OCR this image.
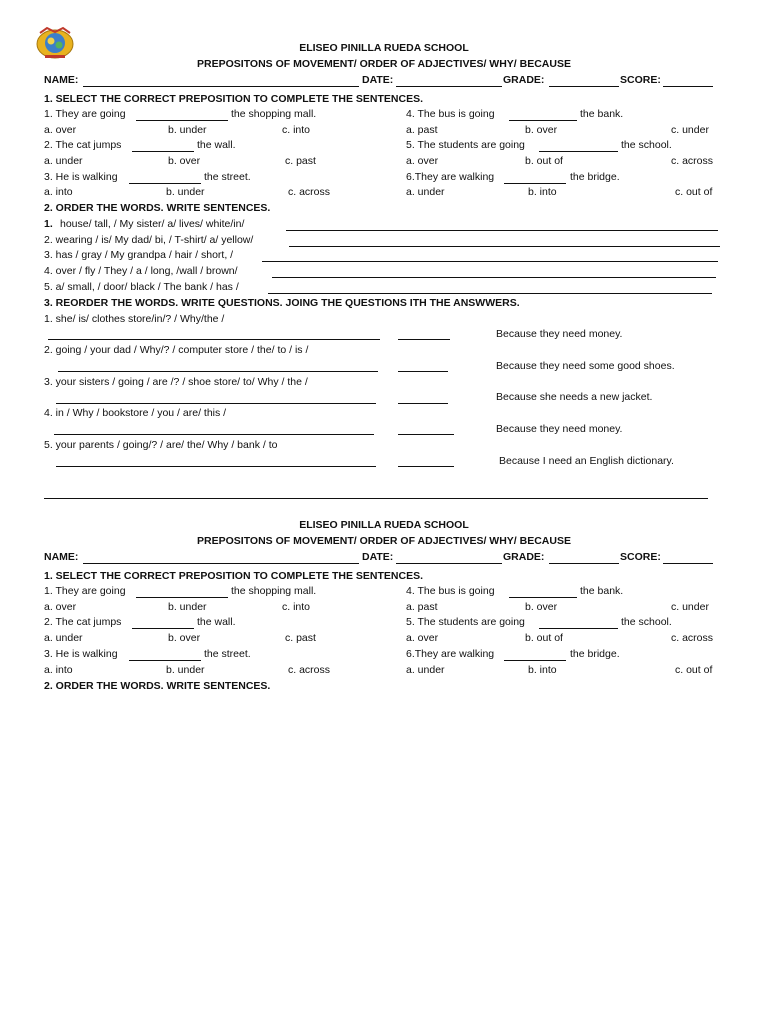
ELISEO PINILLA RUEDA SCHOOL
PREPOSITONS OF MOVEMENT/ ORDER OF ADJECTIVES/ WHY/ BECAUSE
NAME:	DATE:	GRADE:	SCORE:
1. SELECT THE CORRECT PREPOSITION TO COMPLETE THE SENTENCES.
1. They are going	the shopping mall.
a. over	b. under	c. into
4. The bus is going	the bank.
a. past	b. over	c. under
2. The cat jumps	the wall.
a. under	b. over	c. past
5. The students are going	the school.
a. over	b. out of	c. across
3. He is walking	the street.
a. into	b. under	c. across
6.They are walking	the bridge.
a. under	b. into	c. out of
2. ORDER THE WORDS. WRITE SENTENCES.
1. house/ tall, / My sister/ a/ lives/ white/in/
2. wearing / is/ My dad/ bi, / T-shirt/ a/ yellow/
3. has / gray / My grandpa / hair / short, /
4. over / fly / They / a / long, /wall / brown/
5. a/ small, / door/ black / The bank / has /
3. REORDER THE WORDS. WRITE QUESTIONS. JOING THE QUESTIONS ITH THE ANSWWERS.
1. she/ is/ clothes store/in/? / Why/the /
Because they need money.
2. going / your dad / Why/? / computer store / the/ to / is /
Because they need some good shoes.
3. your sisters / going / are /? / shoe store/ to/ Why / the /
Because she needs a new jacket.
4. in / Why / bookstore / you / are/ this /
Because they need money.
5. your parents / going/? / are/ the/ Why / bank / to
Because I need an English dictionary.
ELISEO PINILLA RUEDA SCHOOL
PREPOSITONS OF MOVEMENT/ ORDER OF ADJECTIVES/ WHY/ BECAUSE
NAME:	DATE:	GRADE:	SCORE:
1. SELECT THE CORRECT PREPOSITION TO COMPLETE THE SENTENCES.
1. They are going	the shopping mall.
a. over	b. under	c. into
4. The bus is going	the bank.
a. past	b. over	c. under
2. The cat jumps	the wall.
a. under	b. over	c. past
5. The students are going	the school.
a. over	b. out of	c. across
3. He is walking	the street.
a. into	b. under	c. across
6.They are walking	the bridge.
a. under	b. into	c. out of
2. ORDER THE WORDS. WRITE SENTENCES.
